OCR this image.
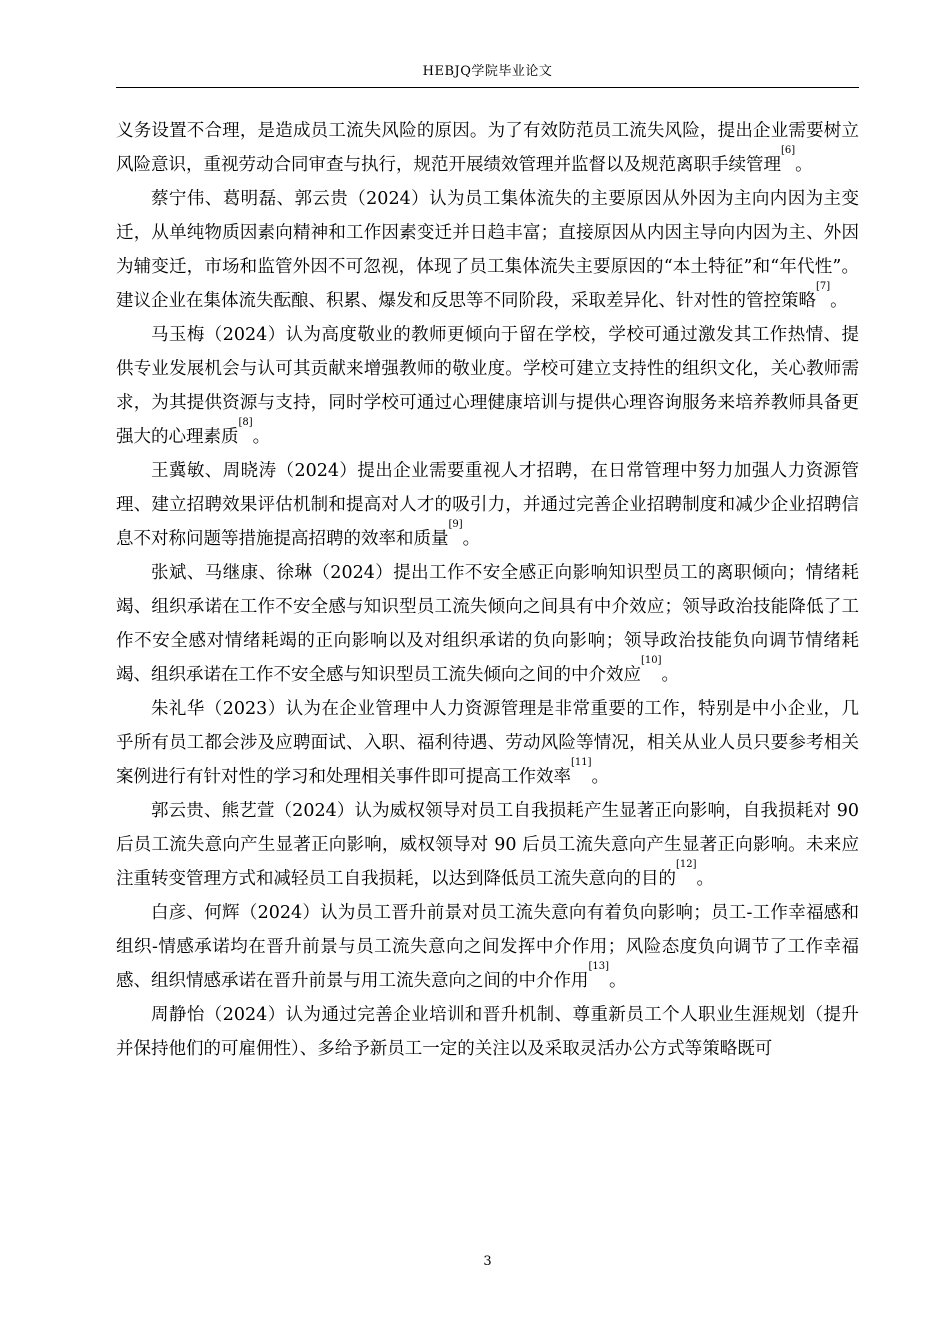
HEBJQ学院毕业论文

义务设置不合理，是造成员工流失风险的原因。为了有效防范员工流失风险，提出企业需要树立风险意识，重视劳动合同审查与执行，规范开展绩效管理并监督以及规范离职手续管理[6]。

蔡宁伟、葛明磊、郭云贵（2024）认为员工集体流失的主要原因从外因为主向内因为主变迁，从单纯物质因素向精神和工作因素变迁并日趋丰富；直接原因从内因主导向内因为主、外因为辅变迁，市场和监管外因不可忽视，体现了员工集体流失主要原因的“本土特征”和“年代性”。建议企业在集体流失酝酿、积累、爆发和反思等不同阶段，采取差异化、针对性的管控策略[7]。

马玉梅（2024）认为高度敬业的教师更倾向于留在学校，学校可通过激发其工作热情、提供专业发展机会与认可其贡献来增强教师的敬业度。学校可建立支持性的组织文化，关心教师需求，为其提供资源与支持，同时学校可通过心理健康培训与提供心理咨询服务来培养教师具备更强大的心理素质[8]。

王冀敏、周晓涛（2024）提出企业需要重视人才招聘，在日常管理中努力加强人力资源管理、建立招聘效果评估机制和提高对人才的吸引力，并通过完善企业招聘制度和减少企业招聘信息不对称问题等措施提高招聘的效率和质量[9]。

张斌、马继康、徐琳（2024）提出工作不安全感正向影响知识型员工的离职倾向；情绪耗竭、组织承诺在工作不安全感与知识型员工流失倾向之间具有中介效应；领导政治技能降低了工作不安全感对情绪耗竭的正向影响以及对组织承诺的负向影响；领导政治技能负向调节情绪耗竭、组织承诺在工作不安全感与知识型员工流失倾向之间的中介效应[10]。

朱礼华（2023）认为在企业管理中人力资源管理是非常重要的工作，特别是中小企业，几乎所有员工都会涉及应聘面试、入职、福利待遇、劳动风险等情况，相关从业人员只要参考相关案例进行有针对性的学习和处理相关事件即可提高工作效率[11]。

郭云贵、熊艺萱（2024）认为威权领导对员工自我损耗产生显著正向影响，自我损耗对 90 后员工流失意向产生显著正向影响，威权领导对 90 后员工流失意向产生显著正向影响。未来应注重转变管理方式和减轻员工自我损耗，以达到降低员工流失意向的目的[12]。

白彦、何辉（2024）认为员工晋升前景对员工流失意向有着负向影响；员工-工作幸福感和组织-情感承诺均在晋升前景与员工流失意向之间发挥中介作用；风险态度负向调节了工作幸福感、组织情感承诺在晋升前景与用工流失意向之间的中介作用[13]。

周静怡（2024）认为通过完善企业培训和晋升机制、尊重新员工个人职业生涯规划（提升并保持他们的可雇佣性）、多给予新员工一定的关注以及采取灵活办公方式等策略既可

3
